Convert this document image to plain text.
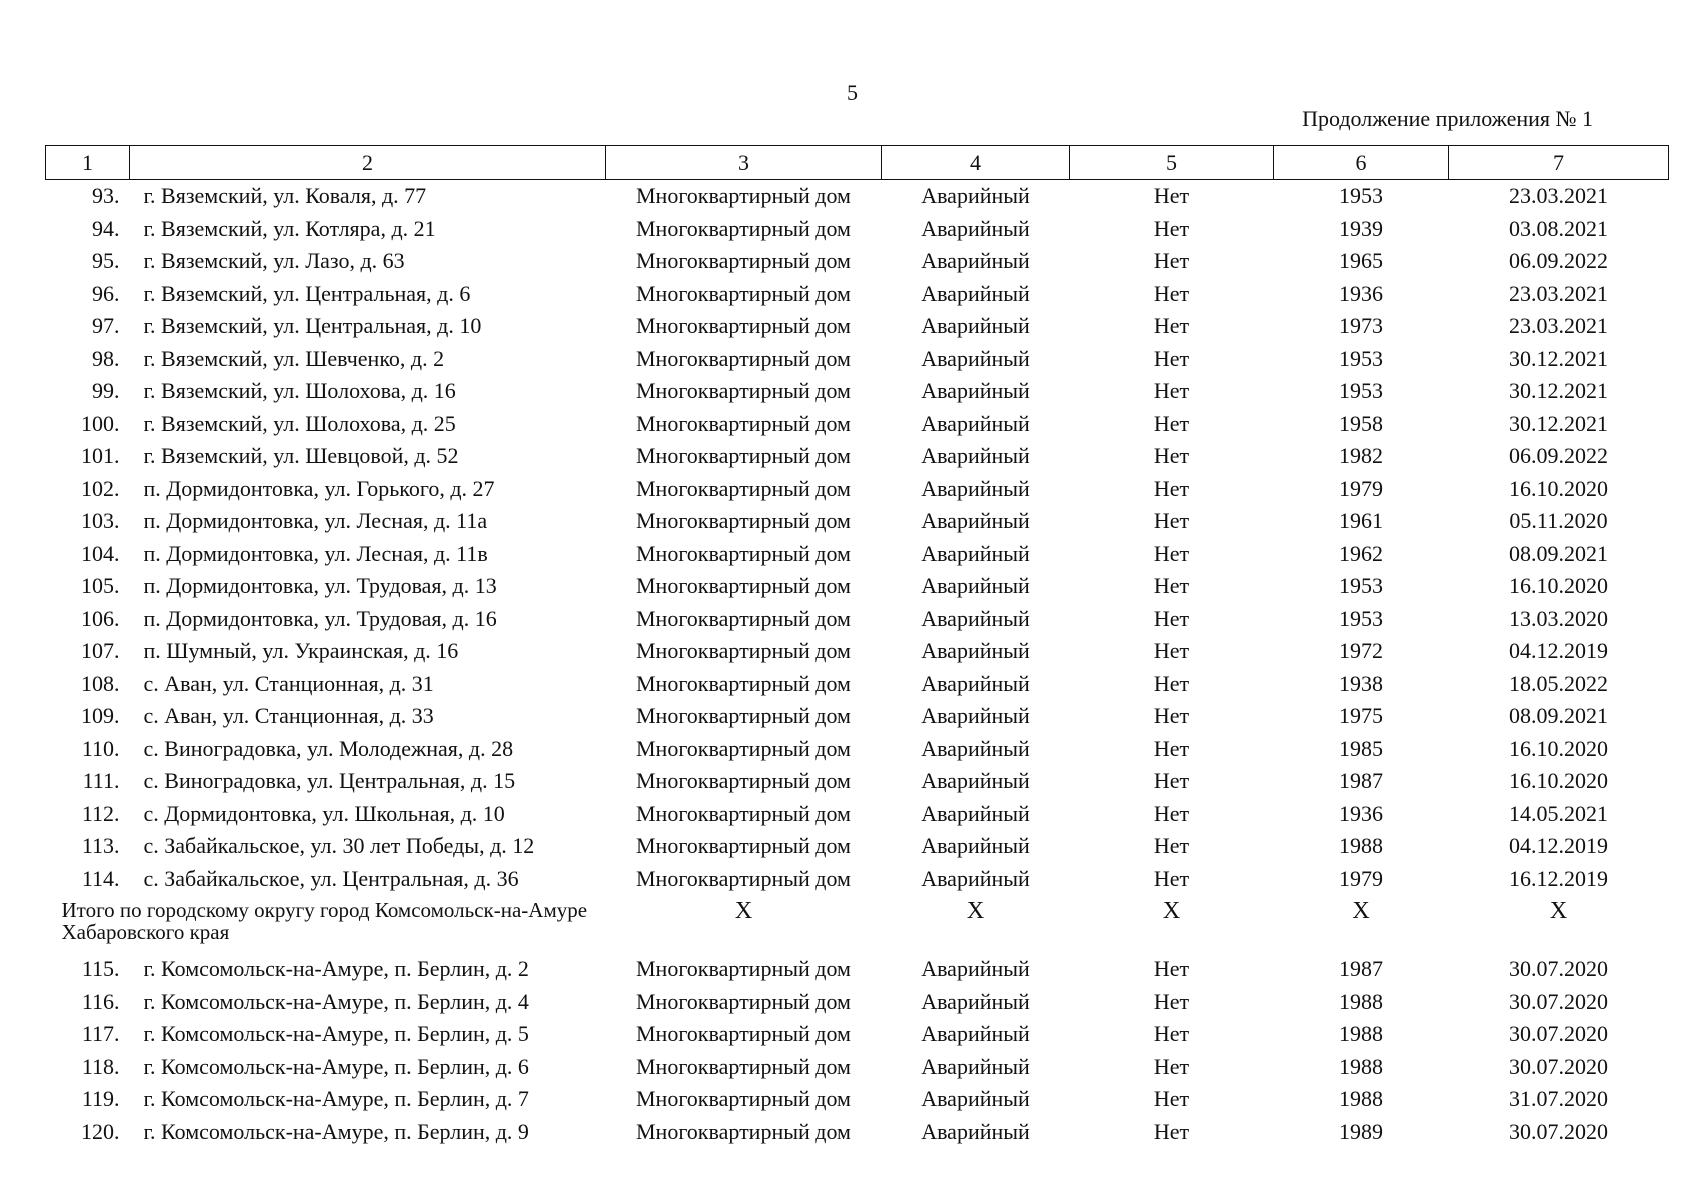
5
Продолжение приложения № 1
1	2	3	4	5	6	7
93.	г. Вяземский, ул. Коваля, д. 77	Многоквартирный дом	Аварийный	Нет	1953	23.03.2021
94.	г. Вяземский, ул. Котляра, д. 21	Многоквартирный дом	Аварийный	Нет	1939	03.08.2021
95.	г. Вяземский, ул. Лазо, д. 63	Многоквартирный дом	Аварийный	Нет	1965	06.09.2022
96.	г. Вяземский, ул. Центральная, д. 6	Многоквартирный дом	Аварийный	Нет	1936	23.03.2021
97.	г. Вяземский, ул. Центральная, д. 10	Многоквартирный дом	Аварийный	Нет	1973	23.03.2021
98.	г. Вяземский, ул. Шевченко, д. 2	Многоквартирный дом	Аварийный	Нет	1953	30.12.2021
99.	г. Вяземский, ул. Шолохова, д. 16	Многоквартирный дом	Аварийный	Нет	1953	30.12.2021
100.	г. Вяземский, ул. Шолохова, д. 25	Многоквартирный дом	Аварийный	Нет	1958	30.12.2021
101.	г. Вяземский, ул. Шевцовой, д. 52	Многоквартирный дом	Аварийный	Нет	1982	06.09.2022
102.	п. Дормидонтовка, ул. Горького, д. 27	Многоквартирный дом	Аварийный	Нет	1979	16.10.2020
103.	п. Дормидонтовка, ул. Лесная, д. 11а	Многоквартирный дом	Аварийный	Нет	1961	05.11.2020
104.	п. Дормидонтовка, ул. Лесная, д. 11в	Многоквартирный дом	Аварийный	Нет	1962	08.09.2021
105.	п. Дормидонтовка, ул. Трудовая, д. 13	Многоквартирный дом	Аварийный	Нет	1953	16.10.2020
106.	п. Дормидонтовка, ул. Трудовая, д. 16	Многоквартирный дом	Аварийный	Нет	1953	13.03.2020
107.	п. Шумный, ул. Украинская, д. 16	Многоквартирный дом	Аварийный	Нет	1972	04.12.2019
108.	с. Аван, ул. Станционная, д. 31	Многоквартирный дом	Аварийный	Нет	1938	18.05.2022
109.	с. Аван, ул. Станционная, д. 33	Многоквартирный дом	Аварийный	Нет	1975	08.09.2021
110.	с. Виноградовка, ул. Молодежная, д. 28	Многоквартирный дом	Аварийный	Нет	1985	16.10.2020
111.	с. Виноградовка, ул. Центральная, д. 15	Многоквартирный дом	Аварийный	Нет	1987	16.10.2020
112.	с. Дормидонтовка, ул. Школьная, д. 10	Многоквартирный дом	Аварийный	Нет	1936	14.05.2021
113.	с. Забайкальское, ул. 30 лет Победы, д. 12	Многоквартирный дом	Аварийный	Нет	1988	04.12.2019
114.	с. Забайкальское, ул. Центральная, д. 36	Многоквартирный дом	Аварийный	Нет	1979	16.12.2019
Итого по городскому округу город Комсомольск-на-Амуре Хабаровского края		Х	Х	Х	Х	Х
115.	г. Комсомольск-на-Амуре, п. Берлин, д. 2	Многоквартирный дом	Аварийный	Нет	1987	30.07.2020
116.	г. Комсомольск-на-Амуре, п. Берлин, д. 4	Многоквартирный дом	Аварийный	Нет	1988	30.07.2020
117.	г. Комсомольск-на-Амуре, п. Берлин, д. 5	Многоквартирный дом	Аварийный	Нет	1988	30.07.2020
118.	г. Комсомольск-на-Амуре, п. Берлин, д. 6	Многоквартирный дом	Аварийный	Нет	1988	30.07.2020
119.	г. Комсомольск-на-Амуре, п. Берлин, д. 7	Многоквартирный дом	Аварийный	Нет	1988	31.07.2020
120.	г. Комсомольск-на-Амуре, п. Берлин, д. 9	Многоквартирный дом	Аварийный	Нет	1989	30.07.2020
